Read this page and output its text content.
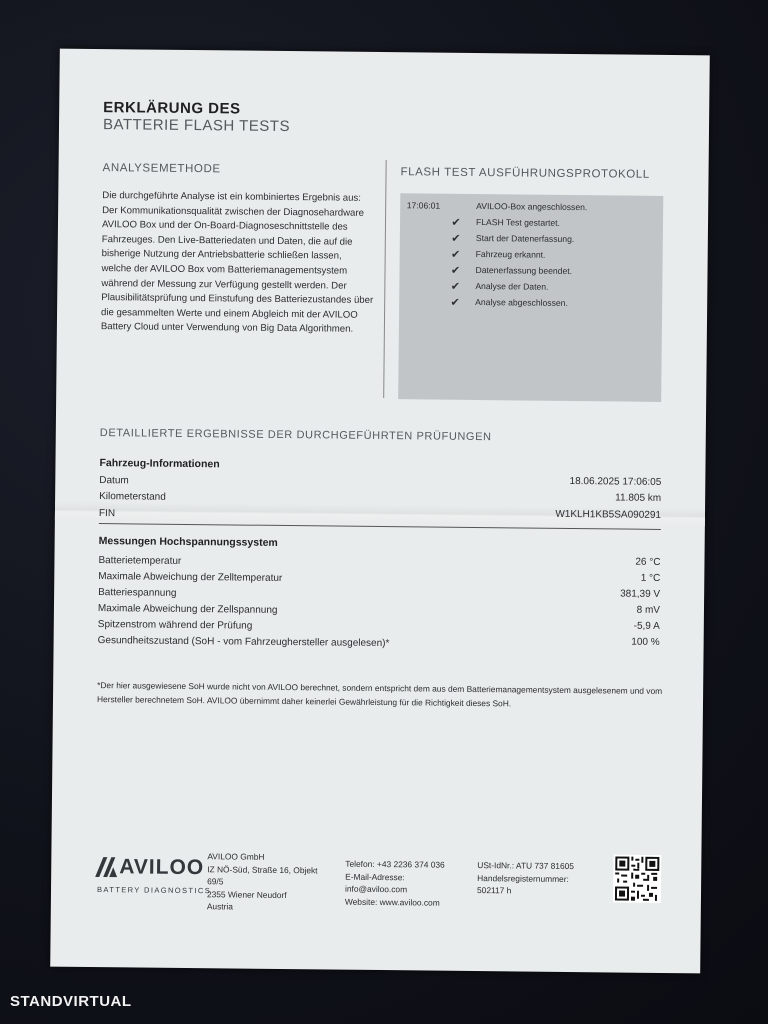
ERKLÄRUNG DES
BATTERIE FLASH TESTS
ANALYSEMETHODE
Die durchgeführte Analyse ist ein kombiniertes Ergebnis aus: Der Kommunikationsqualität zwischen der Diagnosehardware AVILOO Box und der On-Board-Diagnoseschnittstelle des Fahrzeuges. Den Live-Batteriedaten und Daten, die auf die bisherige Nutzung der Antriebsbatterie schließen lassen, welche der AVILOO Box vom Batteriemanagementsystem während der Messung zur Verfügung gestellt werden. Der Plausibilitätsprüfung und Einstufung des Batteriezustandes über die gesammelten Werte und einem Abgleich mit der AVILOO Battery Cloud unter Verwendung von Big Data Algorithmen.
FLASH TEST AUSFÜHRUNGSPROTOKOLL
17:06:01	AVILOO-Box angeschlossen.
✔	FLASH Test gestartet.
✔	Start der Datenerfassung.
✔	Fahrzeug erkannt.
✔	Datenerfassung beendet.
✔	Analyse der Daten.
✔	Analyse abgeschlossen.
DETAILLIERTE ERGEBNISSE DER DURCHGEFÜHRTEN PRÜFUNGEN
Fahrzeug-Informationen
Datum	18.06.2025 17:06:05
Kilometerstand	11.805 km
FIN	W1KLH1KB5SA090291
Messungen Hochspannungssystem
Batterietemperatur	26 °C
Maximale Abweichung der Zelltemperatur	1 °C
Batteriespannung	381,39 V
Maximale Abweichung der Zellspannung	8 mV
Spitzenstrom während der Prüfung	-5,9 A
Gesundheitszustand (SoH - vom Fahrzeughersteller ausgelesen)*	100 %
*Der hier ausgewiesene SoH wurde nicht von AVILOO berechnet, sondern entspricht dem aus dem Batteriemanagementsystem ausgelesenem und vom Hersteller berechnetem SoH. AVILOO übernimmt daher keinerlei Gewährleistung für die Richtigkeit dieses SoH.
AVILOO
BATTERY DIAGNOSTICS
AVILOO GmbH
IZ NÖ-Süd, Straße 16, Objekt 69/5
2355 Wiener Neudorf
Austria
Telefon: +43 2236 374 036
E-Mail-Adresse:
info@aviloo.com
Website: www.aviloo.com
USt-IdNr.: ATU 737 81605
Handelsregisternummer:
502117 h
STANDVIRTUAL
